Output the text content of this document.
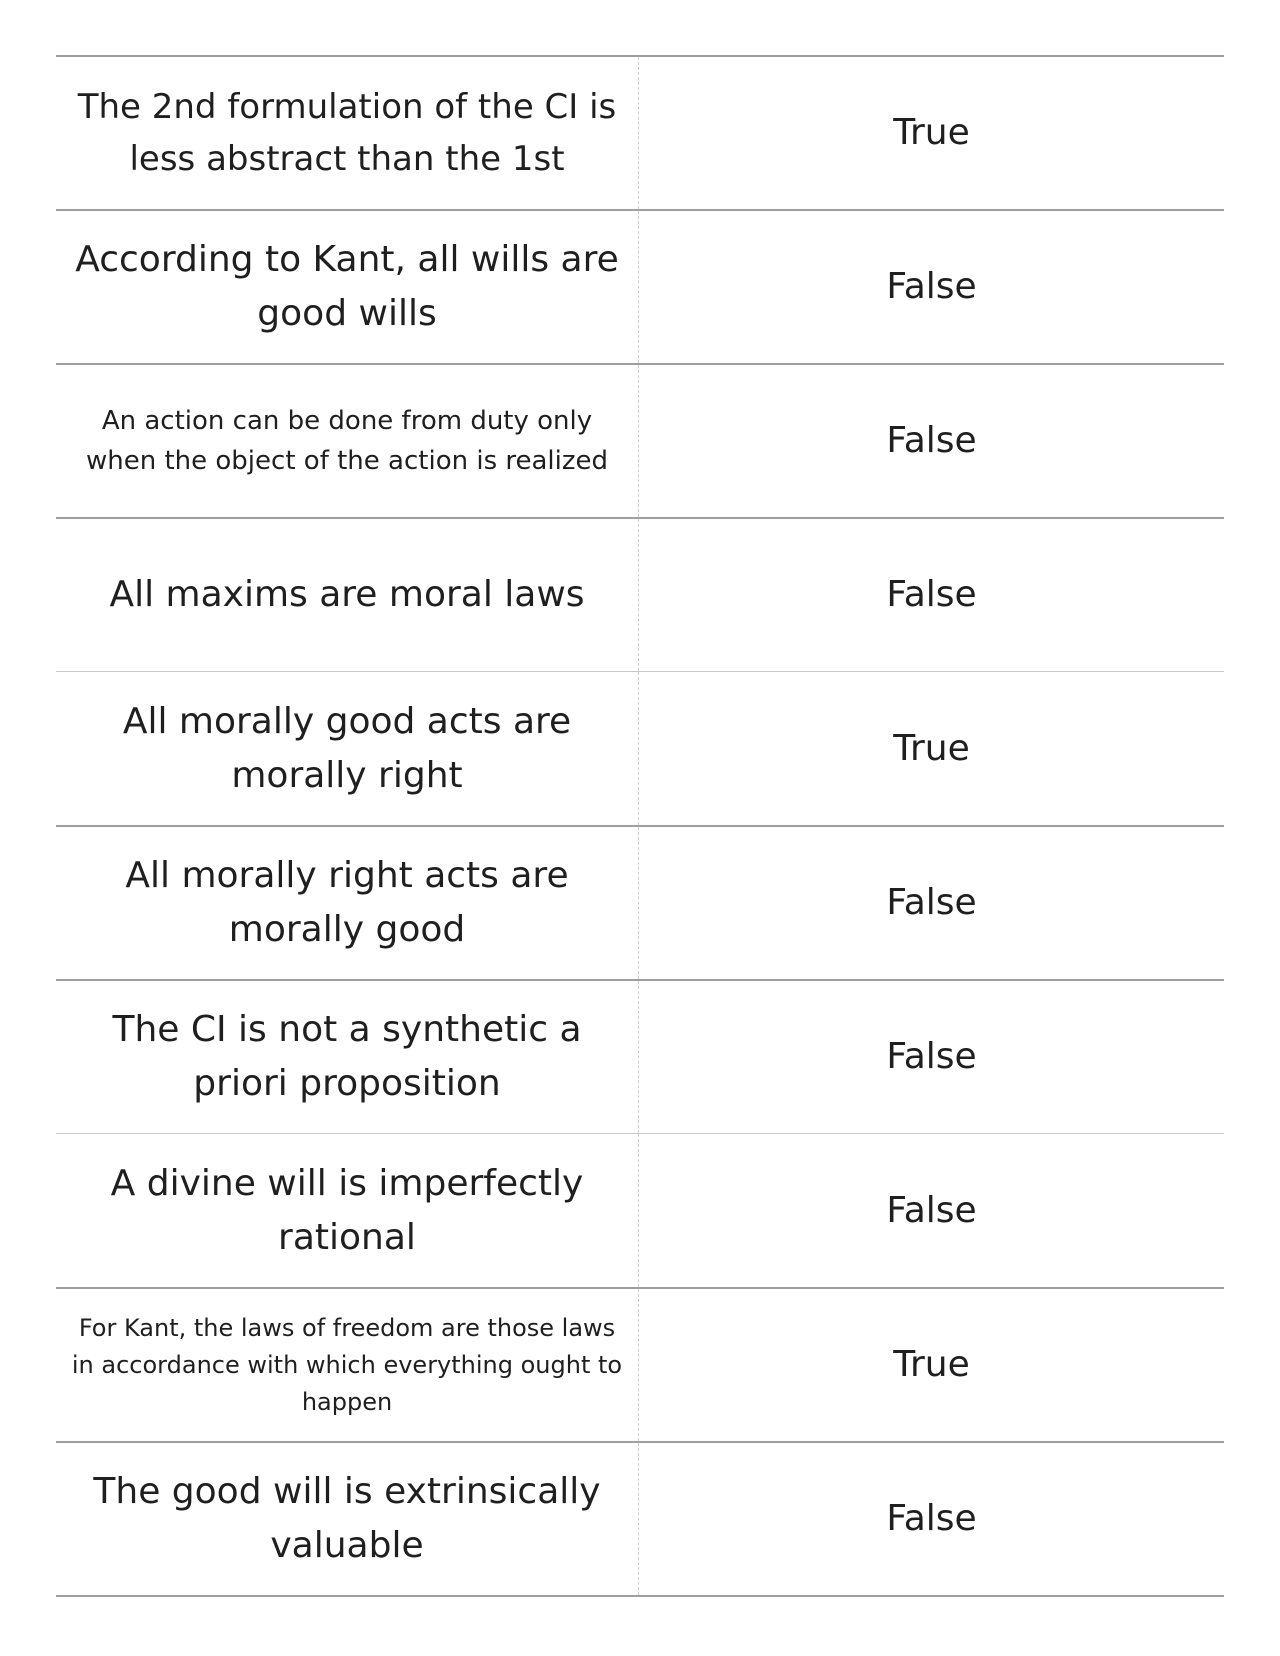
The 2nd formulation of the CI is less abstract than the 1st
True
According to Kant, all wills are good wills
False
An action can be done from duty only when the object of the action is realized	False
All maxims are moral laws	False
All morally good acts are morally right
True
All morally right acts are morally good
False
The CI is not a synthetic a priori proposition
False
A divine will is imperfectly rational
False
For Kant, the laws of freedom are those laws in accordance with which everything ought to happen
True
The good will is extrinsically valuable
False
